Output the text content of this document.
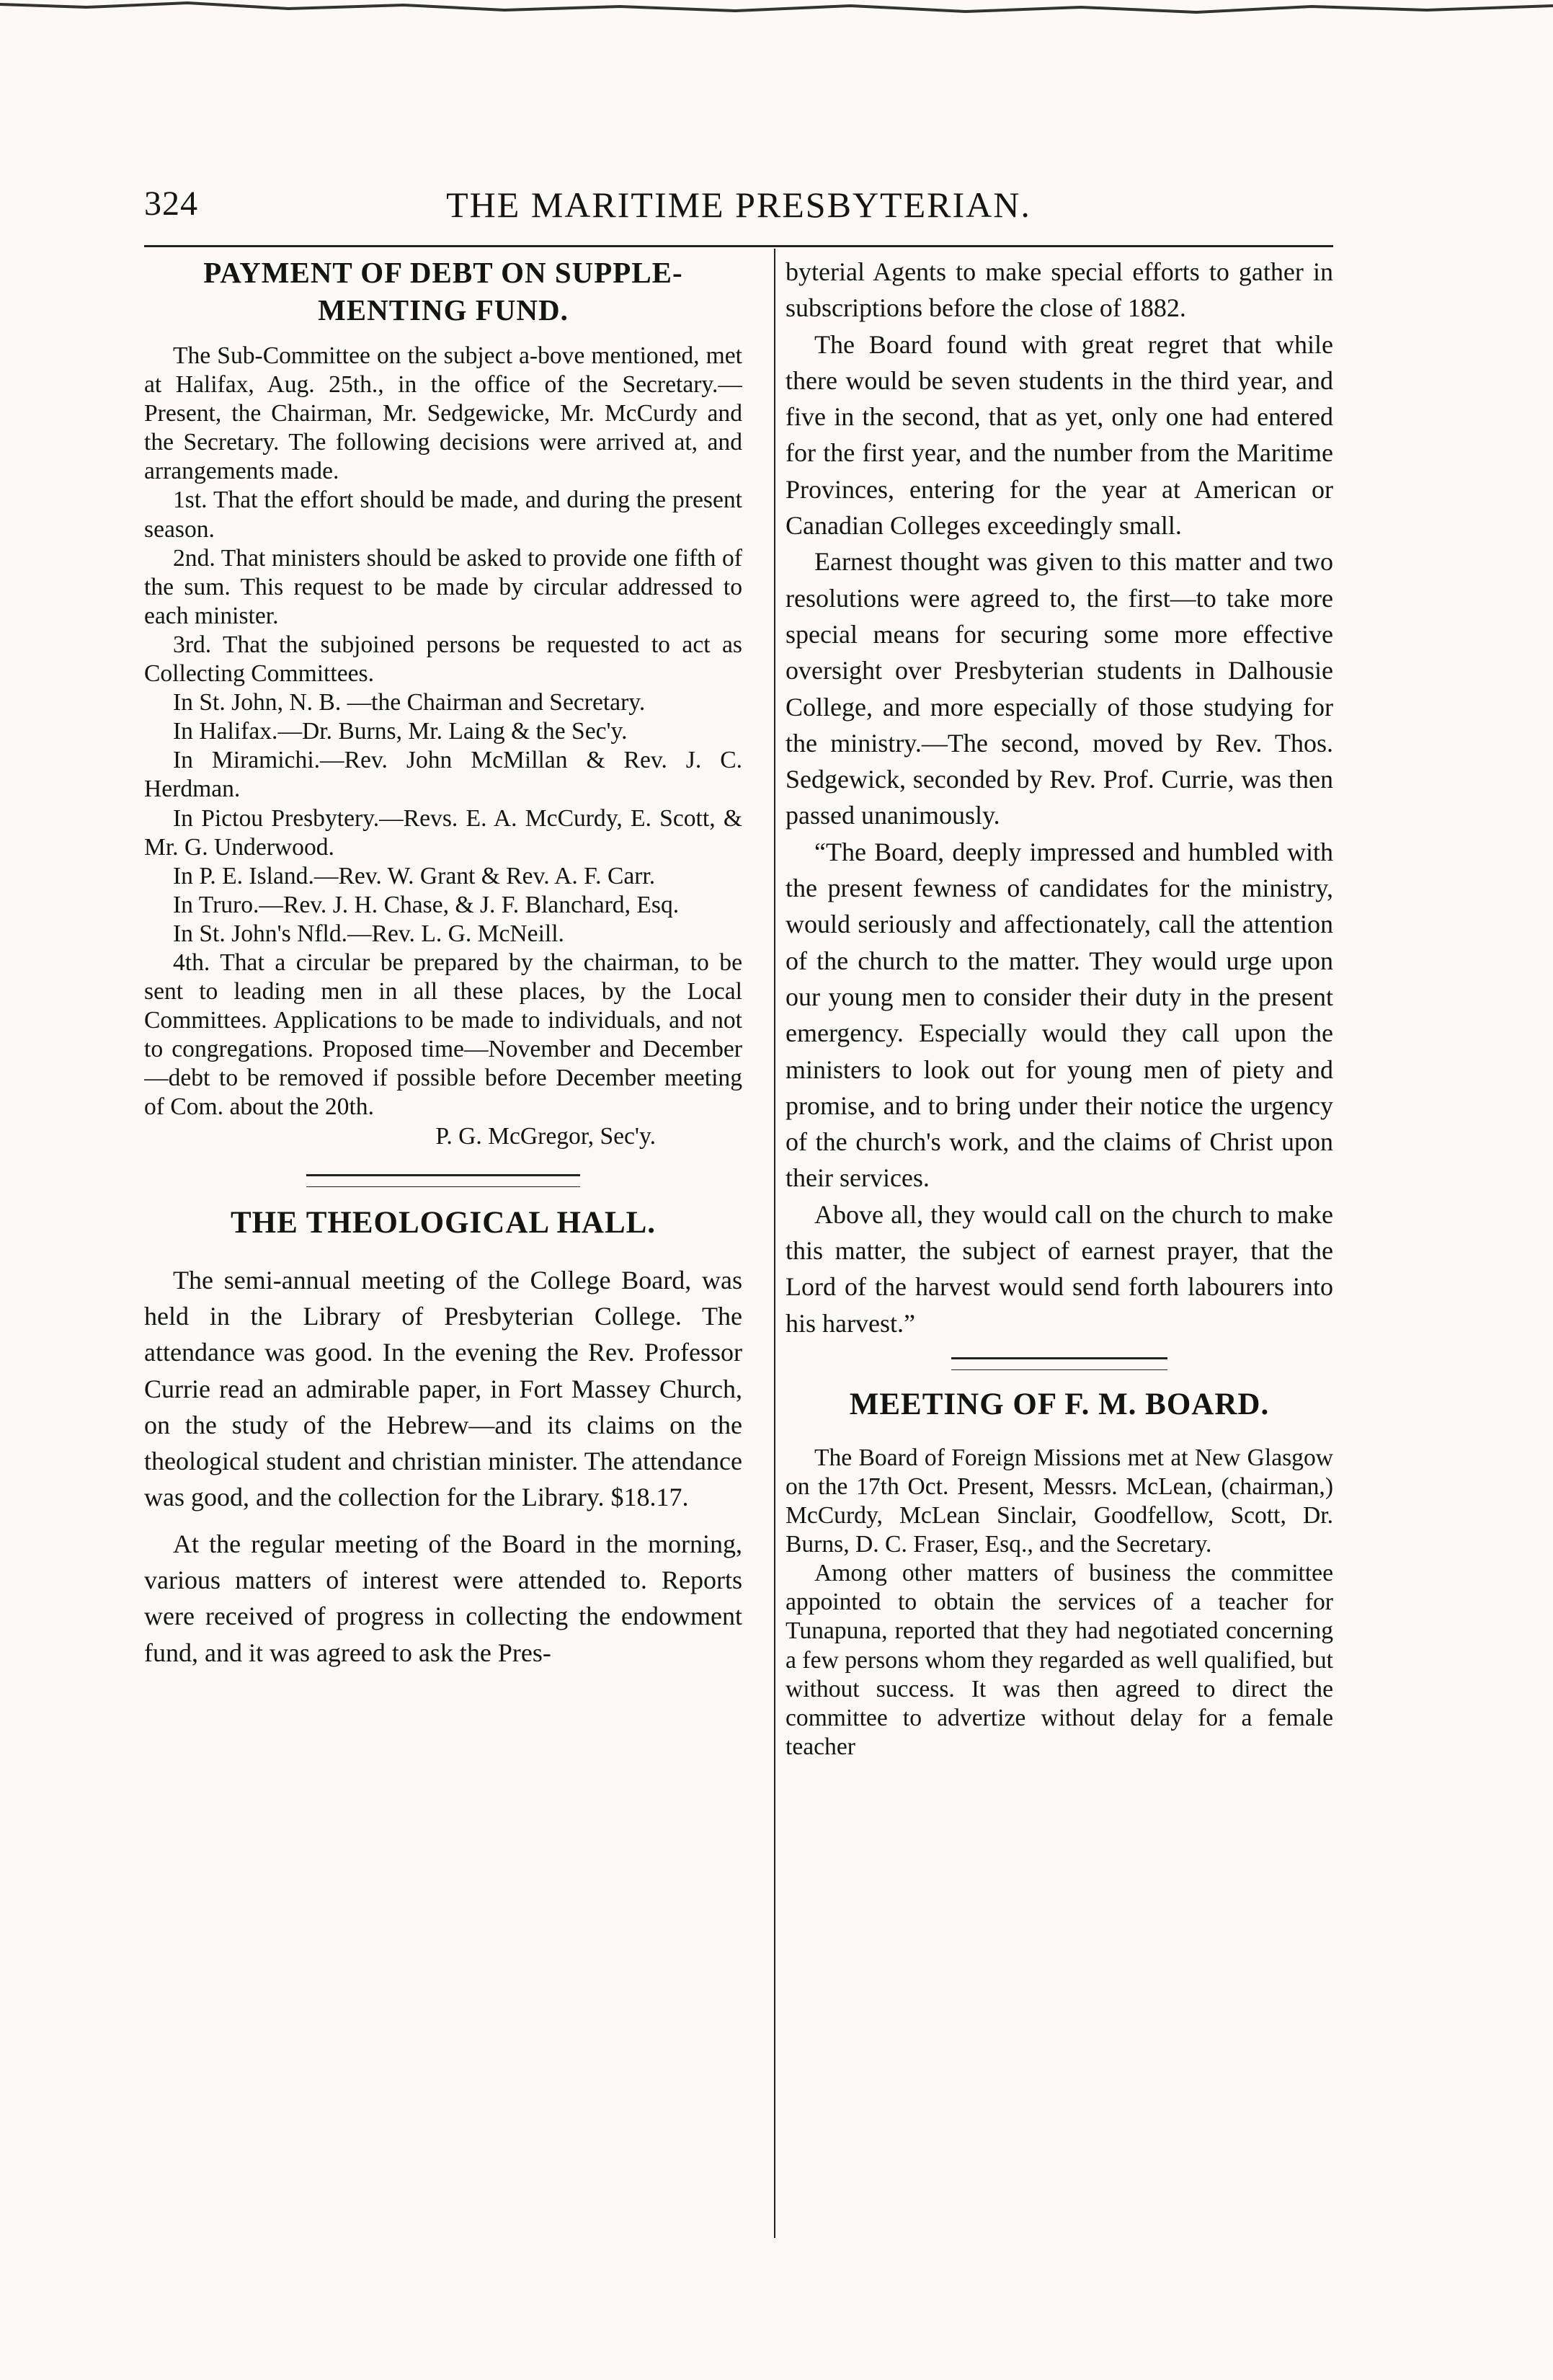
324	THE MARITIME PRESBYTERIAN.
PAYMENT OF DEBT ON SUPPLE- MENTING FUND.

The Sub-Committee on the subject a-bove mentioned, met at Halifax, Aug. 25th., in the office of the Secretary.—Present, the Chairman, Mr. Sedgewicke, Mr. McCurdy and the Secretary. The following decisions were arrived at, and arrangements made.

1st. That the effort should be made, and during the present season.

2nd. That ministers should be asked to provide one fifth of the sum. This request to be made by circular addressed to each minister.

3rd. That the subjoined persons be requested to act as Collecting Committees.

In St. John, N. B. —the Chairman and Secretary.

In Halifax.—Dr. Burns, Mr. Laing & the Sec'y.

In Miramichi.—Rev. John McMillan & Rev. J. C. Herdman.

In Pictou Presbytery.—Revs. E. A. McCurdy, E. Scott, & Mr. G. Underwood.

In P. E. Island.—Rev. W. Grant & Rev. A. F. Carr.

In Truro.—Rev. J. H. Chase, & J. F. Blanchard, Esq.

In St. John's Nfld.—Rev. L. G. McNeill.

4th. That a circular be prepared by the chairman, to be sent to leading men in all these places, by the Local Committees. Applications to be made to individuals, and not to congregations. Proposed time—November and December—debt to be removed if possible before December meeting of Com. about the 20th.

P. G. McGregor, Sec'y.

THE THEOLOGICAL HALL.

The semi-annual meeting of the College Board, was held in the Library of Presbyterian College. The attendance was good. In the evening the Rev. Professor Currie read an admirable paper, in Fort Massey Church, on the study of the Hebrew—and its claims on the theological student and christian minister. The attendance was good, and the collection for the Library. $18.17.

At the regular meeting of the Board in the morning, various matters of interest were attended to. Reports were received of progress in collecting the endowment fund, and it was agreed to ask the Pres-

byterial Agents to make special efforts to gather in subscriptions before the close of 1882.

The Board found with great regret that while there would be seven students in the third year, and five in the second, that as yet, only one had entered for the first year, and the number from the Maritime Provinces, entering for the year at American or Canadian Colleges exceedingly small.

Earnest thought was given to this matter and two resolutions were agreed to, the first—to take more special means for securing some more effective oversight over Presbyterian students in Dalhousie College, and more especially of those studying for the ministry.—The second, moved by Rev. Thos. Sedgewick, seconded by Rev. Prof. Currie, was then passed unanimously.

“The Board, deeply impressed and humbled with the present fewness of candidates for the ministry, would seriously and affectionately, call the attention of the church to the matter. They would urge upon our young men to consider their duty in the present emergency. Especially would they call upon the ministers to look out for young men of piety and promise, and to bring under their notice the urgency of the church's work, and the claims of Christ upon their services.

Above all, they would call on the church to make this matter, the subject of earnest prayer, that the Lord of the harvest would send forth labourers into his harvest.”

MEETING OF F. M. BOARD.

The Board of Foreign Missions met at New Glasgow on the 17th Oct. Present, Messrs. McLean, (chairman,) McCurdy, McLean Sinclair, Goodfellow, Scott, Dr. Burns, D. C. Fraser, Esq., and the Secretary.

Among other matters of business the committee appointed to obtain the services of a teacher for Tunapuna, reported that they had negotiated concerning a few persons whom they regarded as well qualified, but without success. It was then agreed to direct the committee to advertize without delay for a female teacher
